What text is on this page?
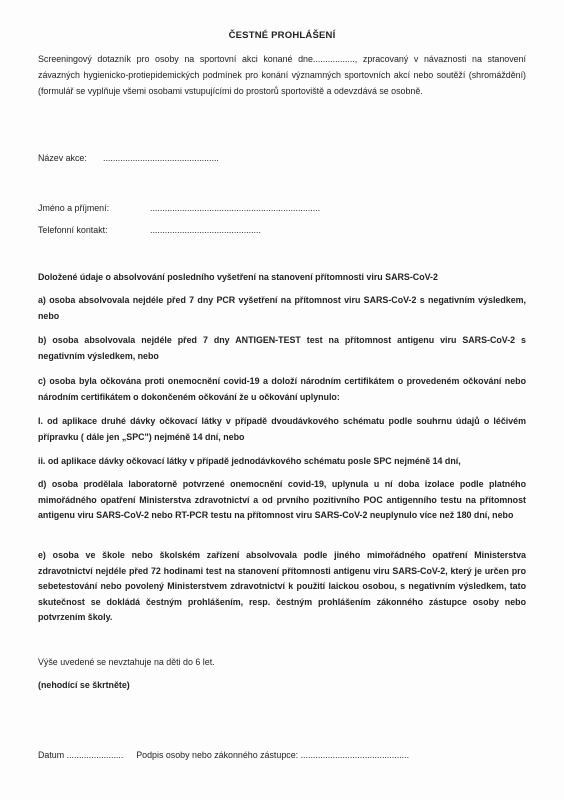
ČESTNÉ PROHLÁŠENÍ
Screeningový dotazník pro osoby na sportovní akci konané dne................., zpracovaný v návaznosti na stanovení závazných hygienicko-protiepidemických podmínek pro konání významných sportovních akcí nebo soutěží (shromáždění) (formulář se vyplňuje všemi osobami vstupujícími do prostorů sportoviště a odevzdává se osobně.
Název akce: ...............................................
Jméno a příjmení:	.....................................................................
Telefonní kontakt:	.............................................
Doložené údaje o absolvování posledního vyšetření na stanovení přítomnosti viru SARS-CoV-2
a) osoba absolvovala nejdéle před 7 dny PCR vyšetření na přítomnost viru SARS-CoV-2 s negativním výsledkem, nebo
b) osoba absolvovala nejdéle před 7 dny ANTIGEN-TEST test na přítomnost antigenu viru SARS-CoV-2 s negativním výsledkem, nebo
c) osoba byla očkována proti onemocnění covid-19 a doloží národním certifikátem o provedeném očkování nebo národním certifikátem o dokončeném očkování že u očkování uplynulo:
I. od aplikace druhé dávky očkovací látky v případě dvoudávkového schématu podle souhrnu údajů o léčivém přípravku ( dále jen „SPC") nejméně 14 dní, nebo
ii. od aplikace dávky očkovací látky v případě jednodávkového schématu posle SPC nejméně 14 dní,
d) osoba prodělala laboratorně potvrzené onemocnění covid-19, uplynula u ní doba izolace podle platného mimořádného opatření Ministerstva zdravotnictví a od prvního pozitivního POC antigenního testu na přítomnost antigenu viru SARS-CoV-2 nebo RT-PCR testu na přítomnost viru SARS-CoV-2 neuplynulo více než 180 dní, nebo
e) osoba ve škole nebo školském zařízení absolvovala podle jiného mimořádného opatření Ministerstva zdravotnictví nejdéle před 72 hodinami test na stanovení přítomnosti antigenu viru SARS-CoV-2, který je určen pro sebetestování nebo povolený Ministerstvem zdravotnictví k použití laickou osobou, s negativním výsledkem, tato skutečnost se dokládá čestným prohlášením, resp. čestným prohlášením zákonného zástupce osoby nebo potvrzením školy.
Výše uvedené se nevztahuje na děti do 6 let.
(nehodící se škrtněte)
Datum ....................... Podpis osoby nebo zákonného zástupce: ............................................
